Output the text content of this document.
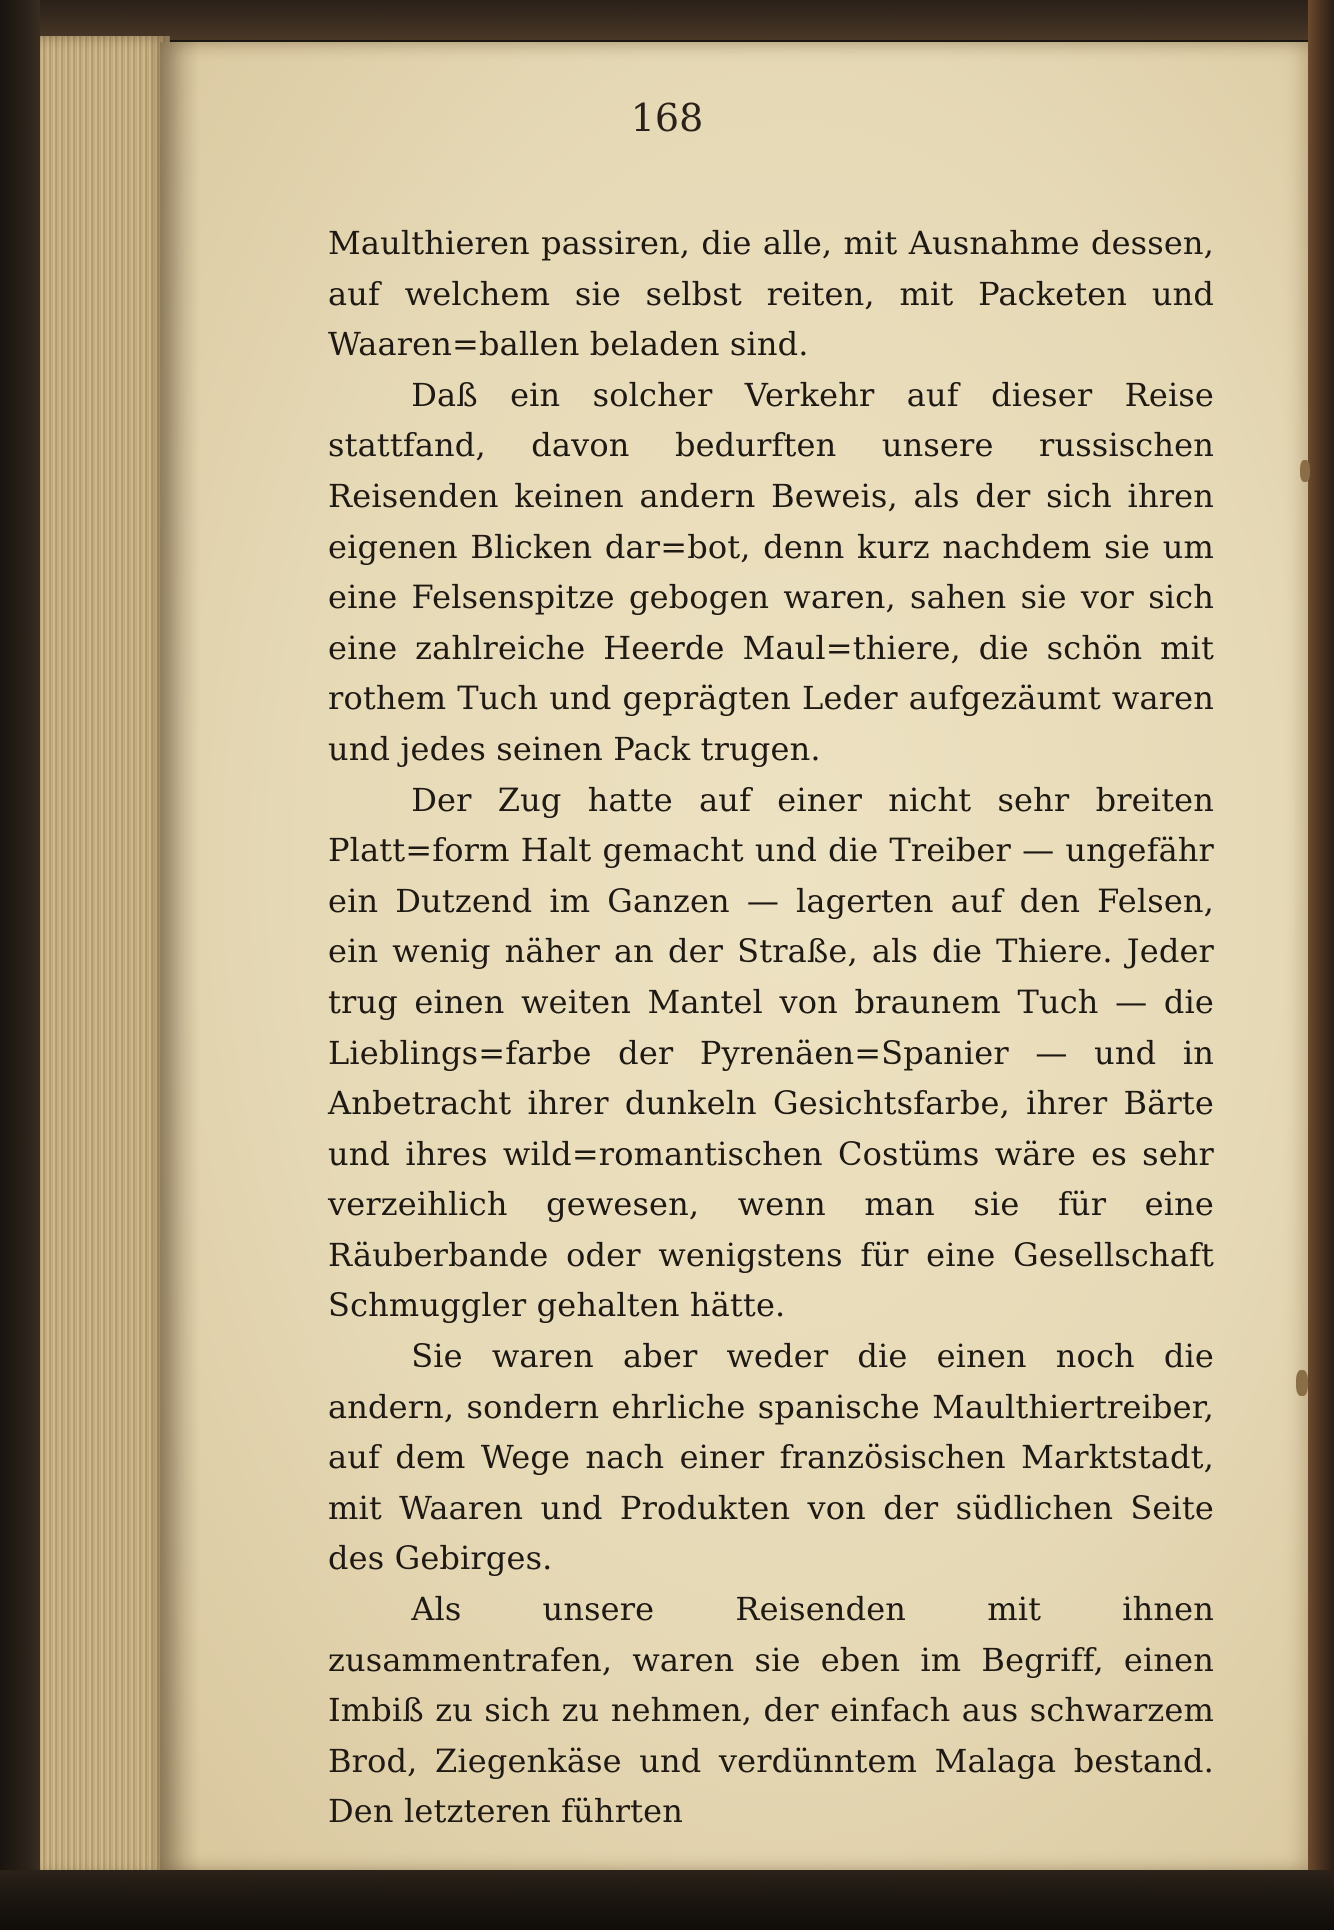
168

Maulthieren passiren, die alle, mit Ausnahme dessen, auf welchem sie selbst reiten, mit Packeten und Waaren=ballen beladen sind.

Daß ein solcher Verkehr auf dieser Reise stattfand, davon bedurften unsere russischen Reisenden keinen andern Beweis, als der sich ihren eigenen Blicken dar=bot, denn kurz nachdem sie um eine Felsenspitze gebogen waren, sahen sie vor sich eine zahlreiche Heerde Maul=thiere, die schön mit rothem Tuch und geprägten Leder aufgezäumt waren und jedes seinen Pack trugen.

Der Zug hatte auf einer nicht sehr breiten Platt=form Halt gemacht und die Treiber — ungefähr ein Dutzend im Ganzen — lagerten auf den Felsen, ein wenig näher an der Straße, als die Thiere. Jeder trug einen weiten Mantel von braunem Tuch — die Lieblings=farbe der Pyrenäen=Spanier — und in Anbetracht ihrer dunkeln Gesichtsfarbe, ihrer Bärte und ihres wild=romantischen Costüms wäre es sehr verzeihlich gewesen, wenn man sie für eine Räuberbande oder wenigstens für eine Gesellschaft Schmuggler gehalten hätte.

Sie waren aber weder die einen noch die andern, sondern ehrliche spanische Maulthiertreiber, auf dem Wege nach einer französischen Marktstadt, mit Waaren und Produkten von der südlichen Seite des Gebirges.

Als unsere Reisenden mit ihnen zusammentrafen, waren sie eben im Begriff, einen Imbiß zu sich zu nehmen, der einfach aus schwarzem Brod, Ziegenkäse und verdünntem Malaga bestand. Den letzteren führten
